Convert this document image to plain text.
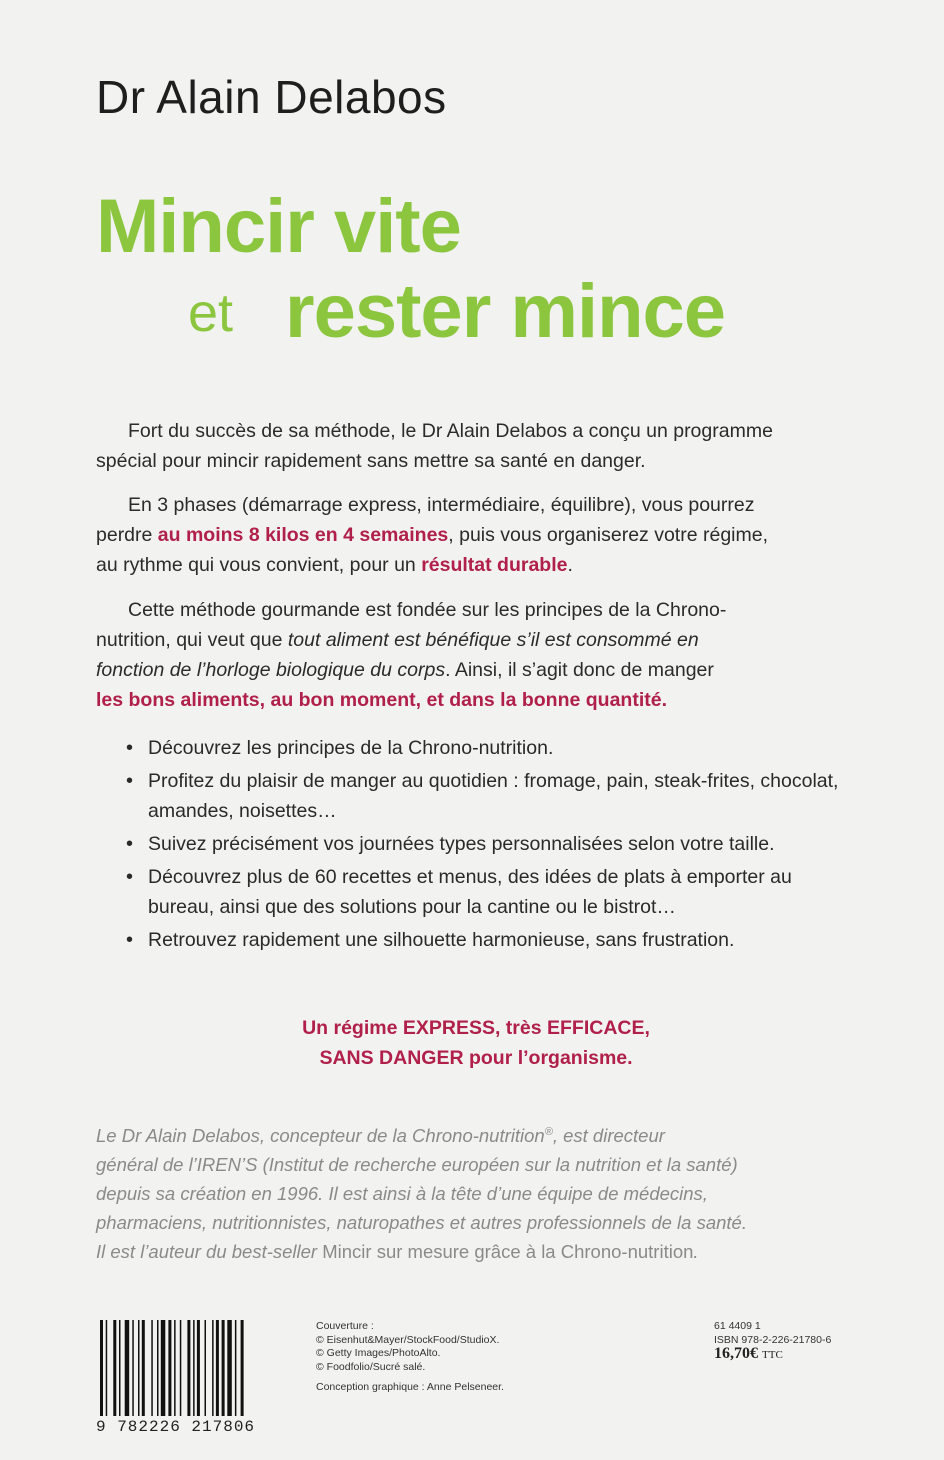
Dr Alain Delabos
Mincir vite
et rester mince
Fort du succès de sa méthode, le Dr Alain Delabos a conçu un programme
spécial pour mincir rapidement sans mettre sa santé en danger.
En 3 phases (démarrage express, intermédiaire, équilibre), vous pourrez
perdre au moins 8 kilos en 4 semaines, puis vous organiserez votre régime,
au rythme qui vous convient, pour un résultat durable.
Cette méthode gourmande est fondée sur les principes de la Chrono-
nutrition, qui veut que tout aliment est bénéfique s’il est consommé en
fonction de l’horloge biologique du corps. Ainsi, il s’agit donc de manger
les bons aliments, au bon moment, et dans la bonne quantité.
• Découvrez les principes de la Chrono-nutrition.
• Profitez du plaisir de manger au quotidien : fromage, pain, steak-frites, chocolat, amandes, noisettes…
• Suivez précisément vos journées types personnalisées selon votre taille.
• Découvrez plus de 60 recettes et menus, des idées de plats à emporter au bureau, ainsi que des solutions pour la cantine ou le bistrot…
• Retrouvez rapidement une silhouette harmonieuse, sans frustration.
Un régime EXPRESS, très EFFICACE,
SANS DANGER pour l’organisme.
Le Dr Alain Delabos, concepteur de la Chrono-nutrition®, est directeur
général de l’IREN’S (Institut de recherche européen sur la nutrition et la santé)
depuis sa création en 1996. Il est ainsi à la tête d’une équipe de médecins,
pharmaciens, nutritionnistes, naturopathes et autres professionnels de la santé.
Il est l’auteur du best-seller Mincir sur mesure grâce à la Chrono-nutrition.
9 782226 217806
Couverture :
© Eisenhut&Mayer/StockFood/StudioX.
© Getty Images/PhotoAlto.
© Foodfolio/Sucré salé.
Conception graphique : Anne Pelseneer.
61 4409 1
ISBN 978-2-226-21780-6
16,70€ TTC
